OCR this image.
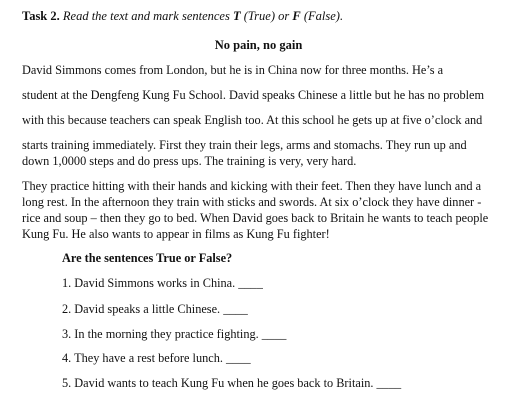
Task 2. Read the text and mark sentences T (True) or F (False).
No pain, no gain
David Simmons comes from London, but he is in China now for three months. He’s a
student at the Dengfeng Kung Fu School. David speaks Chinese a little but he has no problem
with this because teachers can speak English too. At this school he gets up at five o’clock and
starts training immediately. First they train their legs, arms and stomachs. They run up and
down 1,0000 steps and do press ups. The training is very, very hard.
They practice hitting with their hands and kicking with their feet. Then they have lunch and a
long rest. In the afternoon they train with sticks and swords. At six o’clock they have dinner -
rice and soup – then they go to bed. When David goes back to Britain he wants to teach people
Kung Fu. He also wants to appear in films as Kung Fu fighter!
Are the sentences True or False?
1. David Simmons works in China. ____
2. David speaks a little Chinese. ____
3. In the morning they practice fighting. ____
4. They have a rest before lunch. ____
5. David wants to teach Kung Fu when he goes back to Britain. ____
